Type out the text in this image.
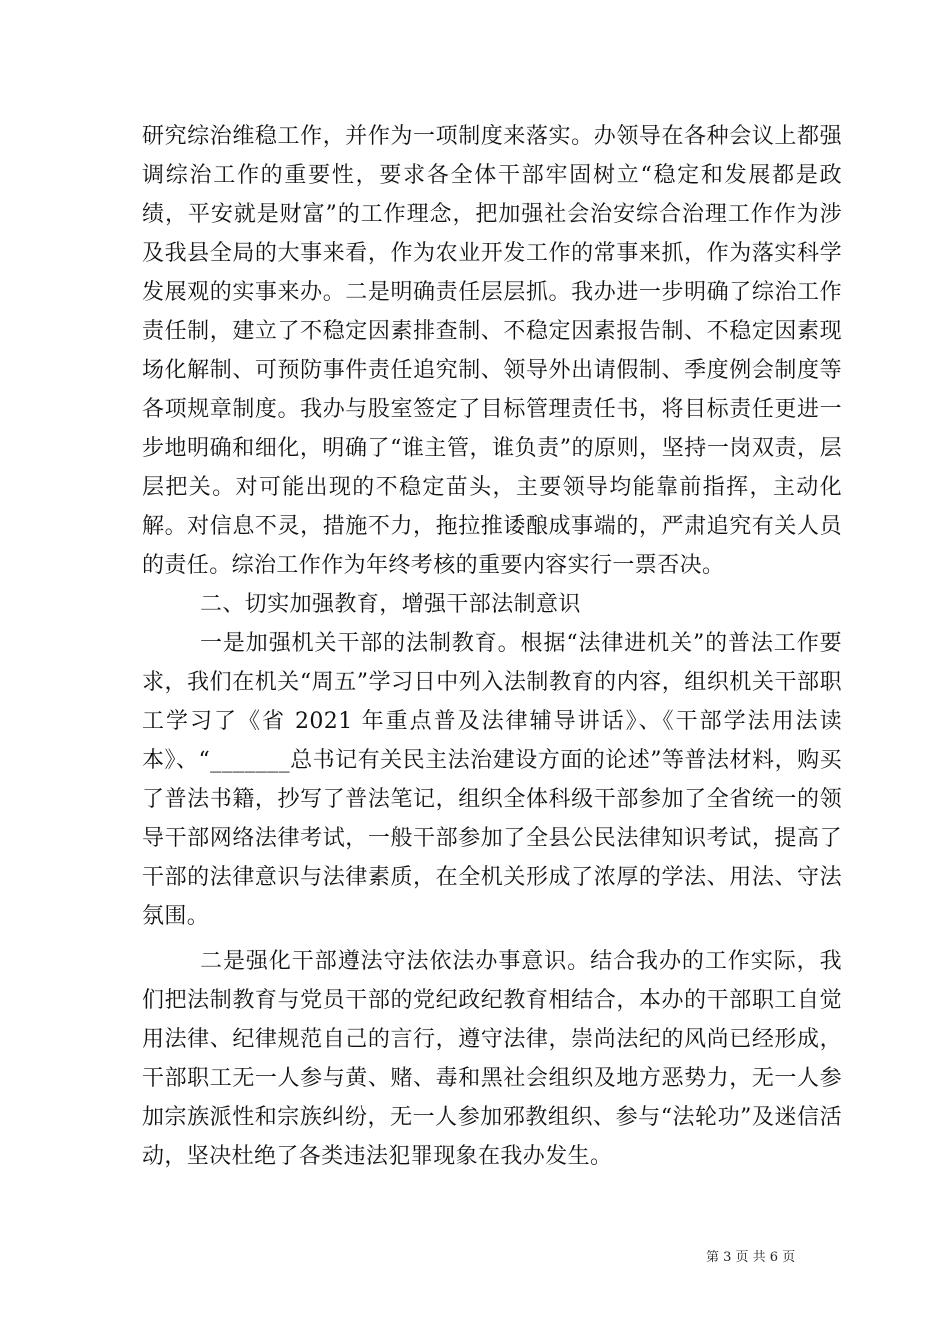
研究综治维稳工作，并作为一项制度来落实。办领导在各种会议上都强调综治工作的重要性，要求各全体干部牢固树立“稳定和发展都是政绩，平安就是财富”的工作理念，把加强社会治安综合治理工作作为涉及我县全局的大事来看，作为农业开发工作的常事来抓，作为落实科学发展观的实事来办。二是明确责任层层抓。我办进一步明确了综治工作责任制，建立了不稳定因素排查制、不稳定因素报告制、不稳定因素现场化解制、可预防事件责任追究制、领导外出请假制、季度例会制度等各项规章制度。我办与股室签定了目标管理责任书，将目标责任更进一步地明确和细化，明确了“谁主管，谁负责”的原则，坚持一岗双责，层层把关。对可能出现的不稳定苗头，主要领导均能靠前指挥，主动化解。对信息不灵，措施不力，拖拉推诿酿成事端的，严肃追究有关人员的责任。综治工作作为年终考核的重要内容实行一票否决。

二、切实加强教育，增强干部法制意识

一是加强机关干部的法制教育。根据“法律进机关”的普法工作要求，我们在机关“周五”学习日中列入法制教育的内容，组织机关干部职工学习了《省 2021 年重点普及法律辅导讲话》、《干部学法用法读本》、“_______总书记有关民主法治建设方面的论述”等普法材料，购买了普法书籍，抄写了普法笔记，组织全体科级干部参加了全省统一的领导干部网络法律考试，一般干部参加了全县公民法律知识考试，提高了干部的法律意识与法律素质，在全机关形成了浓厚的学法、用法、守法氛围。

二是强化干部遵法守法依法办事意识。结合我办的工作实际，我们把法制教育与党员干部的党纪政纪教育相结合，本办的干部职工自觉用法律、纪律规范自己的言行，遵守法律，崇尚法纪的风尚已经形成，干部职工无一人参与黄、赌、毒和黑社会组织及地方恶势力，无一人参加宗族派性和宗族纠纷，无一人参加邪教组织、参与“法轮功”及迷信活动，坚决杜绝了各类违法犯罪现象在我办发生。

第 3 页 共 6 页
